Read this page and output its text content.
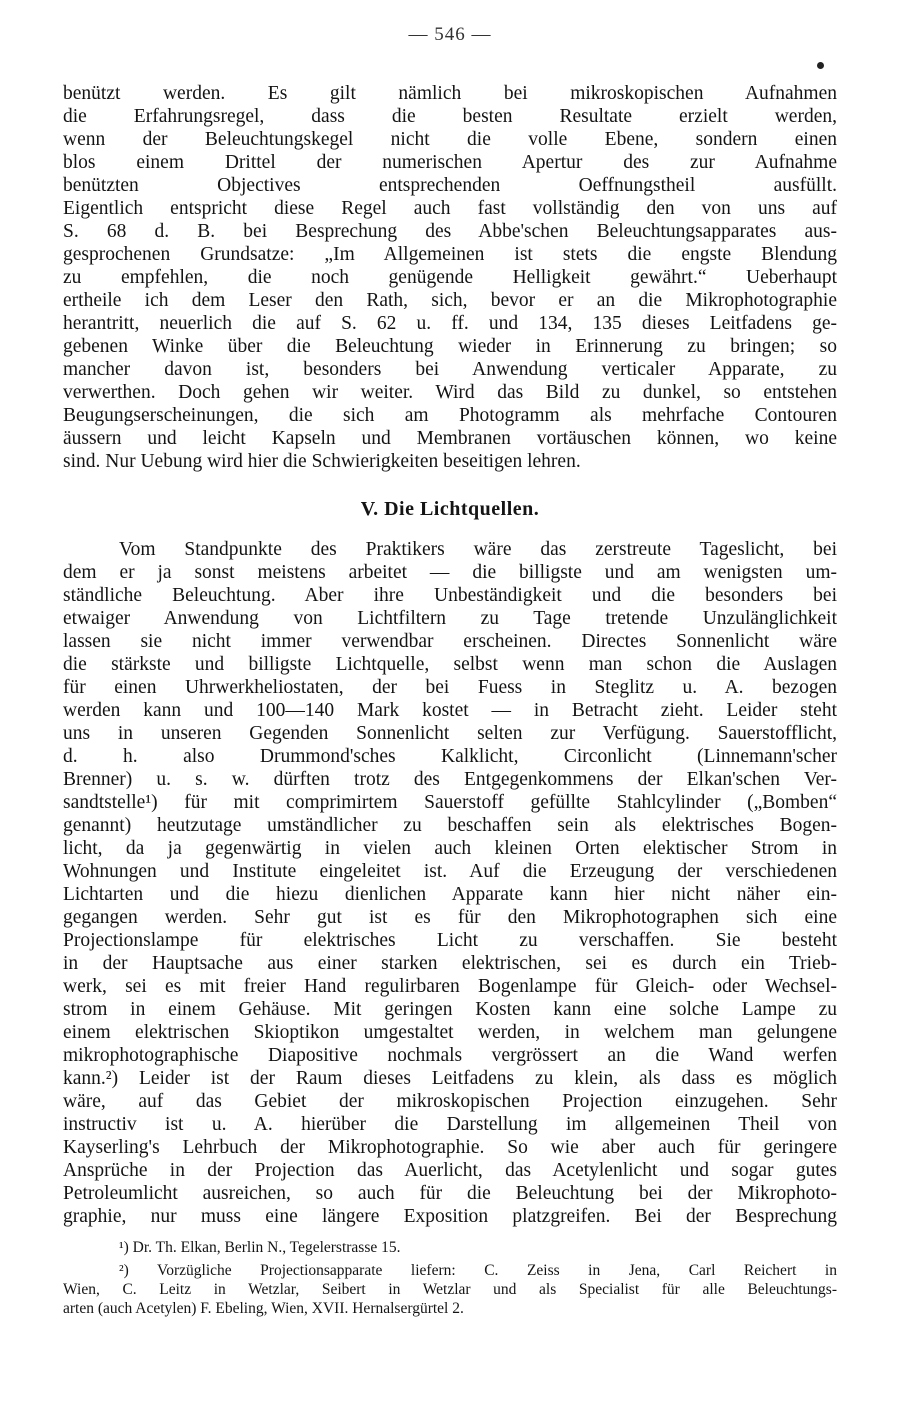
— 546 —
benützt werden. Es gilt nämlich bei mikroskopischen Aufnahmen
die Erfahrungsregel, dass die besten Resultate erzielt werden,
wenn der Beleuchtungskegel nicht die volle Ebene, sondern einen
blos einem Drittel der numerischen Apertur des zur Aufnahme
benützten Objectives entsprechenden Oeffnungstheil ausfüllt.
Eigentlich entspricht diese Regel auch fast vollständig den von uns auf
S. 68 d. B. bei Besprechung des Abbe'schen Beleuchtungsapparates aus-
gesprochenen Grundsatze: „Im Allgemeinen ist stets die engste Blendung
zu empfehlen, die noch genügende Helligkeit gewährt.“ Ueberhaupt
ertheile ich dem Leser den Rath, sich, bevor er an die Mikrophotographie
herantritt, neuerlich die auf S. 62 u. ff. und 134, 135 dieses Leitfadens ge-
gebenen Winke über die Beleuchtung wieder in Erinnerung zu bringen; so
mancher davon ist, besonders bei Anwendung verticaler Apparate, zu
verwerthen. Doch gehen wir weiter. Wird das Bild zu dunkel, so entstehen
Beugungserscheinungen, die sich am Photogramm als mehrfache Contouren
äussern und leicht Kapseln und Membranen vortäuschen können, wo keine
sind. Nur Uebung wird hier die Schwierigkeiten beseitigen lehren.
V. Die Lichtquellen.
Vom Standpunkte des Praktikers wäre das zerstreute Tageslicht, bei
dem er ja sonst meistens arbeitet — die billigste und am wenigsten um-
ständliche Beleuchtung. Aber ihre Unbeständigkeit und die besonders bei
etwaiger Anwendung von Lichtfiltern zu Tage tretende Unzulänglichkeit
lassen sie nicht immer verwendbar erscheinen. Directes Sonnenlicht wäre
die stärkste und billigste Lichtquelle, selbst wenn man schon die Auslagen
für einen Uhrwerkheliostaten, der bei Fuess in Steglitz u. A. bezogen
werden kann und 100—140 Mark kostet — in Betracht zieht. Leider steht
uns in unseren Gegenden Sonnenlicht selten zur Verfügung. Sauerstofflicht,
d. h. also Drummond'sches Kalklicht, Circonlicht (Linnemann'scher
Brenner) u. s. w. dürften trotz des Entgegenkommens der Elkan'schen Ver-
sandtstelle¹) für mit comprimirtem Sauerstoff gefüllte Stahlcylinder („Bomben“
genannt) heutzutage umständlicher zu beschaffen sein als elektrisches Bogen-
licht, da ja gegenwärtig in vielen auch kleinen Orten elektischer Strom in
Wohnungen und Institute eingeleitet ist. Auf die Erzeugung der verschiedenen
Lichtarten und die hiezu dienlichen Apparate kann hier nicht näher ein-
gegangen werden. Sehr gut ist es für den Mikrophotographen sich eine
Projectionslampe für elektrisches Licht zu verschaffen. Sie besteht
in der Hauptsache aus einer starken elektrischen, sei es durch ein Trieb-
werk, sei es mit freier Hand regulirbaren Bogenlampe für Gleich- oder Wechsel-
strom in einem Gehäuse. Mit geringen Kosten kann eine solche Lampe zu
einem elektrischen Skioptikon umgestaltet werden, in welchem man gelungene
mikrophotographische Diapositive nochmals vergrössert an die Wand werfen
kann.²) Leider ist der Raum dieses Leitfadens zu klein, als dass es möglich
wäre, auf das Gebiet der mikroskopischen Projection einzugehen. Sehr
instructiv ist u. A. hierüber die Darstellung im allgemeinen Theil von
Kayserling's Lehrbuch der Mikrophotographie. So wie aber auch für geringere
Ansprüche in der Projection das Auerlicht, das Acetylenlicht und sogar gutes
Petroleumlicht ausreichen, so auch für die Beleuchtung bei der Mikrophoto-
graphie, nur muss eine längere Exposition platzgreifen. Bei der Besprechung
¹) Dr. Th. Elkan, Berlin N., Tegelerstrasse 15.
²) Vorzügliche Projectionsapparate liefern: C. Zeiss in Jena, Carl Reichert in
Wien, C. Leitz in Wetzlar, Seibert in Wetzlar und als Specialist für alle Beleuchtungs-
arten (auch Acetylen) F. Ebeling, Wien, XVII. Hernalsergürtel 2.
